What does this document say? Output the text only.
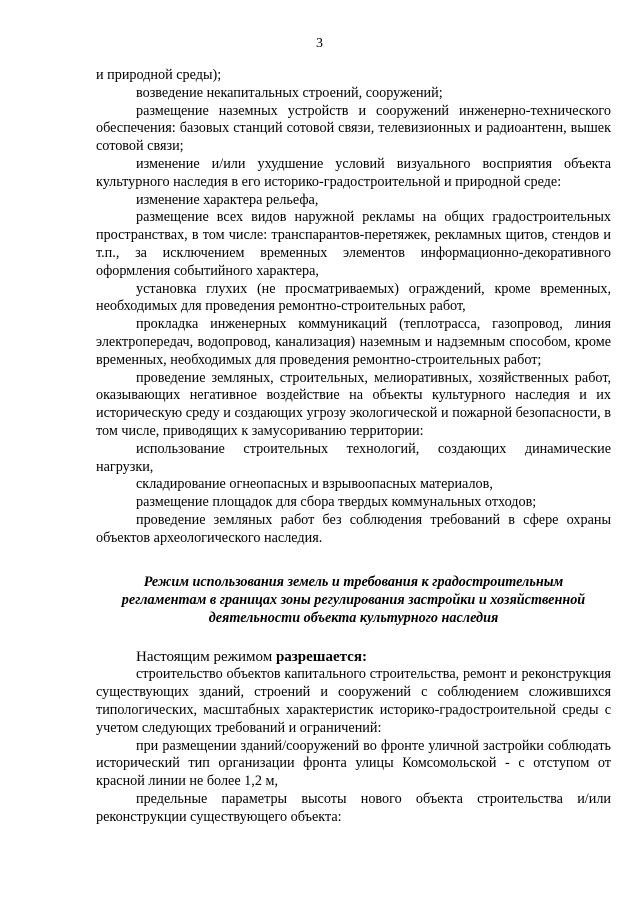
3

и природной среды);

возведение некапитальных строений, сооружений;

размещение наземных устройств и сооружений инженерно-технического обеспечения: базовых станций сотовой связи, телевизионных и радиоантенн, вышек сотовой связи;

изменение и/или ухудшение условий визуального восприятия объекта культурного наследия в его историко-градостроительной и природной среде:

изменение характера рельефа,

размещение всех видов наружной рекламы на общих градостроительных пространствах, в том числе: транспарантов-перетяжек, рекламных щитов, стендов и т.п., за исключением временных элементов информационно-декоративного оформления событийного характера,

установка глухих (не просматриваемых) ограждений, кроме временных, необходимых для проведения ремонтно-строительных работ,

прокладка инженерных коммуникаций (теплотрасса, газопровод, линия электропередач, водопровод, канализация) наземным и надземным способом, кроме временных, необходимых для проведения ремонтно-строительных работ;

проведение земляных, строительных, мелиоративных, хозяйственных работ, оказывающих негативное воздействие на объекты культурного наследия и их историческую среду и создающих угрозу экологической и пожарной безопасности, в том числе, приводящих к замусориванию территории:

использование строительных технологий, создающих динамические нагрузки,

складирование огнеопасных и взрывоопасных материалов,

размещение площадок для сбора твердых коммунальных отходов;

проведение земляных работ без соблюдения требований в сфере охраны объектов археологического наследия.

Режим использования земель и требования к градостроительным
регламентам в границах зоны регулирования застройки и хозяйственной
деятельности объекта культурного наследия

Настоящим режимом разрешается:

строительство объектов капитального строительства, ремонт и реконструкция существующих зданий, строений и сооружений с соблюдением сложившихся типологических, масштабных характеристик историко-градостроительной среды с учетом следующих требований и ограничений:

при размещении зданий/сооружений во фронте уличной застройки соблюдать исторический тип организации фронта улицы Комсомольской - с отступом от красной линии не более 1,2 м,

предельные параметры высоты нового объекта строительства и/или реконструкции существующего объекта:
